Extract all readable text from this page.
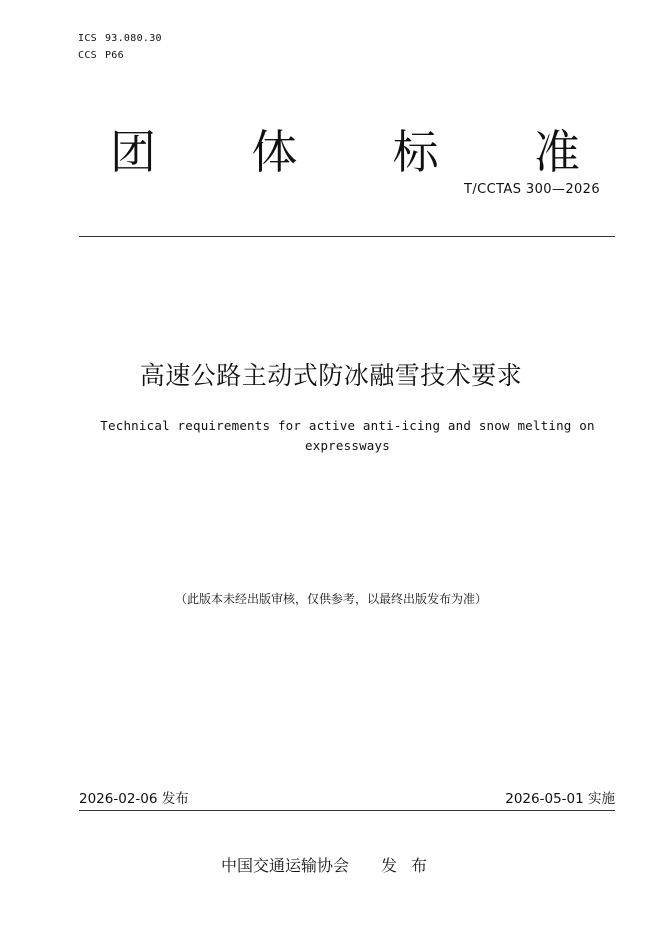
ICS 93.080.30
CCS P66
团 体 标 准
T/CCTAS 300—2026
高速公路主动式防冰融雪技术要求
Technical requirements for active anti-icing and snow melting on expressways
（此版本未经出版审核，仅供参考，以最终出版发布为准）
2026-02-06 发布	2026-05-01 实施
中国交通运输协会 发布
